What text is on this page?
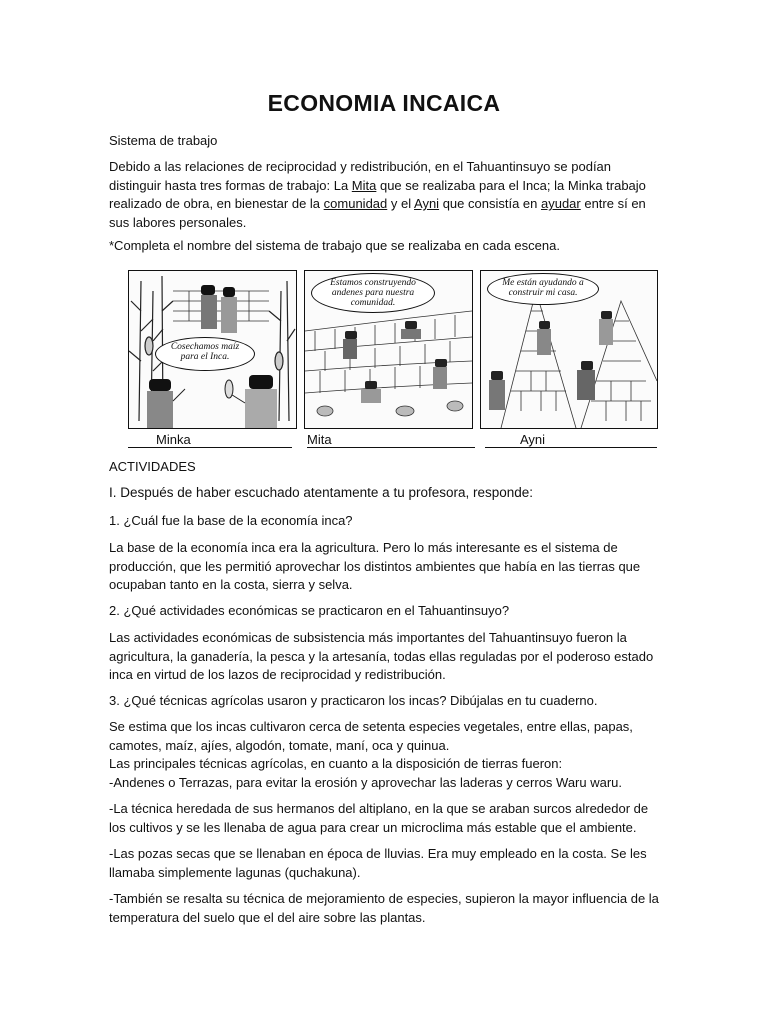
ECONOMIA INCAICA

Sistema de trabajo

Debido a las relaciones de reciprocidad y redistribución, en el Tahuantinsuyo se podían distinguir hasta tres formas de trabajo: La Mita que se realizaba para el Inca; la Minka trabajo realizado de obra, en bienestar de la comunidad y el Ayni que consistía en ayudar entre sí en sus labores personales.

*Completa el nombre del sistema de trabajo que se realizaba en cada escena.

Cosechamos maíz para el Inca.
Estamos construyendo andenes para nuestra comunidad.
Me están ayudando a construir mi casa.
Minka	Mita	Ayni

ACTIVIDADES

I. Después de haber escuchado atentamente a tu profesora, responde:

1. ¿Cuál fue la base de la economía inca?

La base de la economía inca era la agricultura. Pero lo más interesante es el sistema de producción, que les permitió aprovechar los distintos ambientes que había en las tierras que ocupaban tanto en la costa, sierra y selva.

2. ¿Qué actividades económicas se practicaron en el Tahuantinsuyo?

Las actividades económicas de subsistencia más importantes del Tahuantinsuyo fueron la agricultura, la ganadería, la pesca y la artesanía, todas ellas reguladas por el poderoso estado inca en virtud de los lazos de reciprocidad y redistribución.

3. ¿Qué técnicas agrícolas usaron y practicaron los incas? Dibújalas en tu cuaderno.

Se estima que los incas cultivaron cerca de setenta especies vegetales, entre ellas, papas, camotes, maíz, ajíes, algodón, tomate, maní, oca y quinua.
Las principales técnicas agrícolas, en cuanto a la disposición de tierras fueron:
-Andenes o Terrazas, para evitar la erosión y aprovechar las laderas y cerros Waru waru.

-La técnica heredada de sus hermanos del altiplano, en la que se araban surcos alrededor de los cultivos y se les llenaba de agua para crear un microclima más estable que el ambiente.

-Las pozas secas que se llenaban en época de lluvias. Era muy empleado en la costa. Se les llamaba simplemente lagunas (quchakuna).

-También se resalta su técnica de mejoramiento de especies, supieron la mayor influencia de la temperatura del suelo que el del aire sobre las plantas.
